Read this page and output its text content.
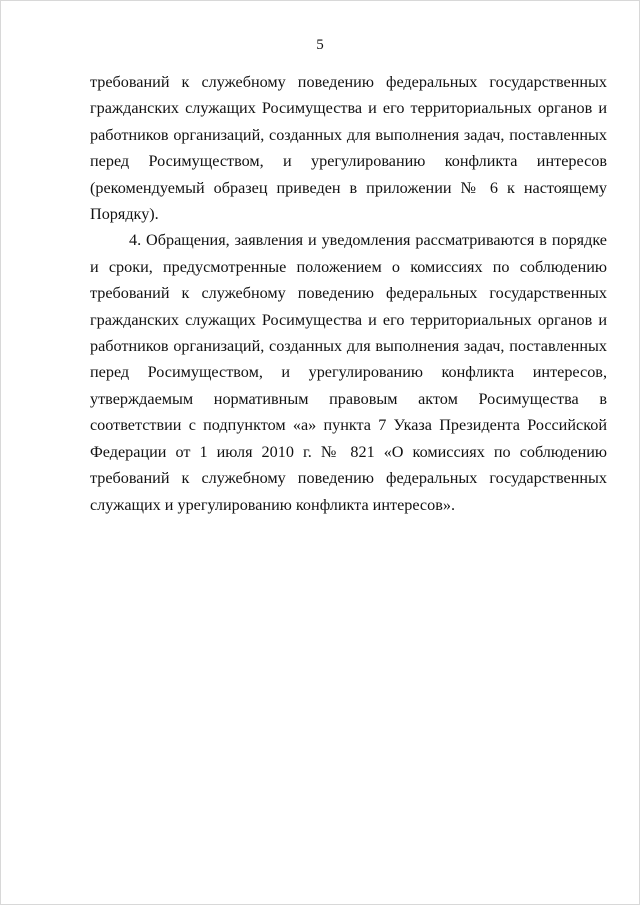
5

требований к служебному поведению федеральных государственных гражданских служащих Росимущества и его территориальных органов и работников организаций, созданных для выполнения задач, поставленных перед Росимуществом, и урегулированию конфликта интересов (рекомендуемый образец приведен в приложении № 6 к настоящему Порядку).

4. Обращения, заявления и уведомления рассматриваются в порядке и сроки, предусмотренные положением о комиссиях по соблюдению требований к служебному поведению федеральных государственных гражданских служащих Росимущества и его территориальных органов и работников организаций, созданных для выполнения задач, поставленных перед Росимуществом, и урегулированию конфликта интересов, утверждаемым нормативным правовым актом Росимущества в соответствии с подпунктом «а» пункта 7 Указа Президента Российской Федерации от 1 июля 2010 г. № 821 «О комиссиях по соблюдению требований к служебному поведению федеральных государственных служащих и урегулированию конфликта интересов».
